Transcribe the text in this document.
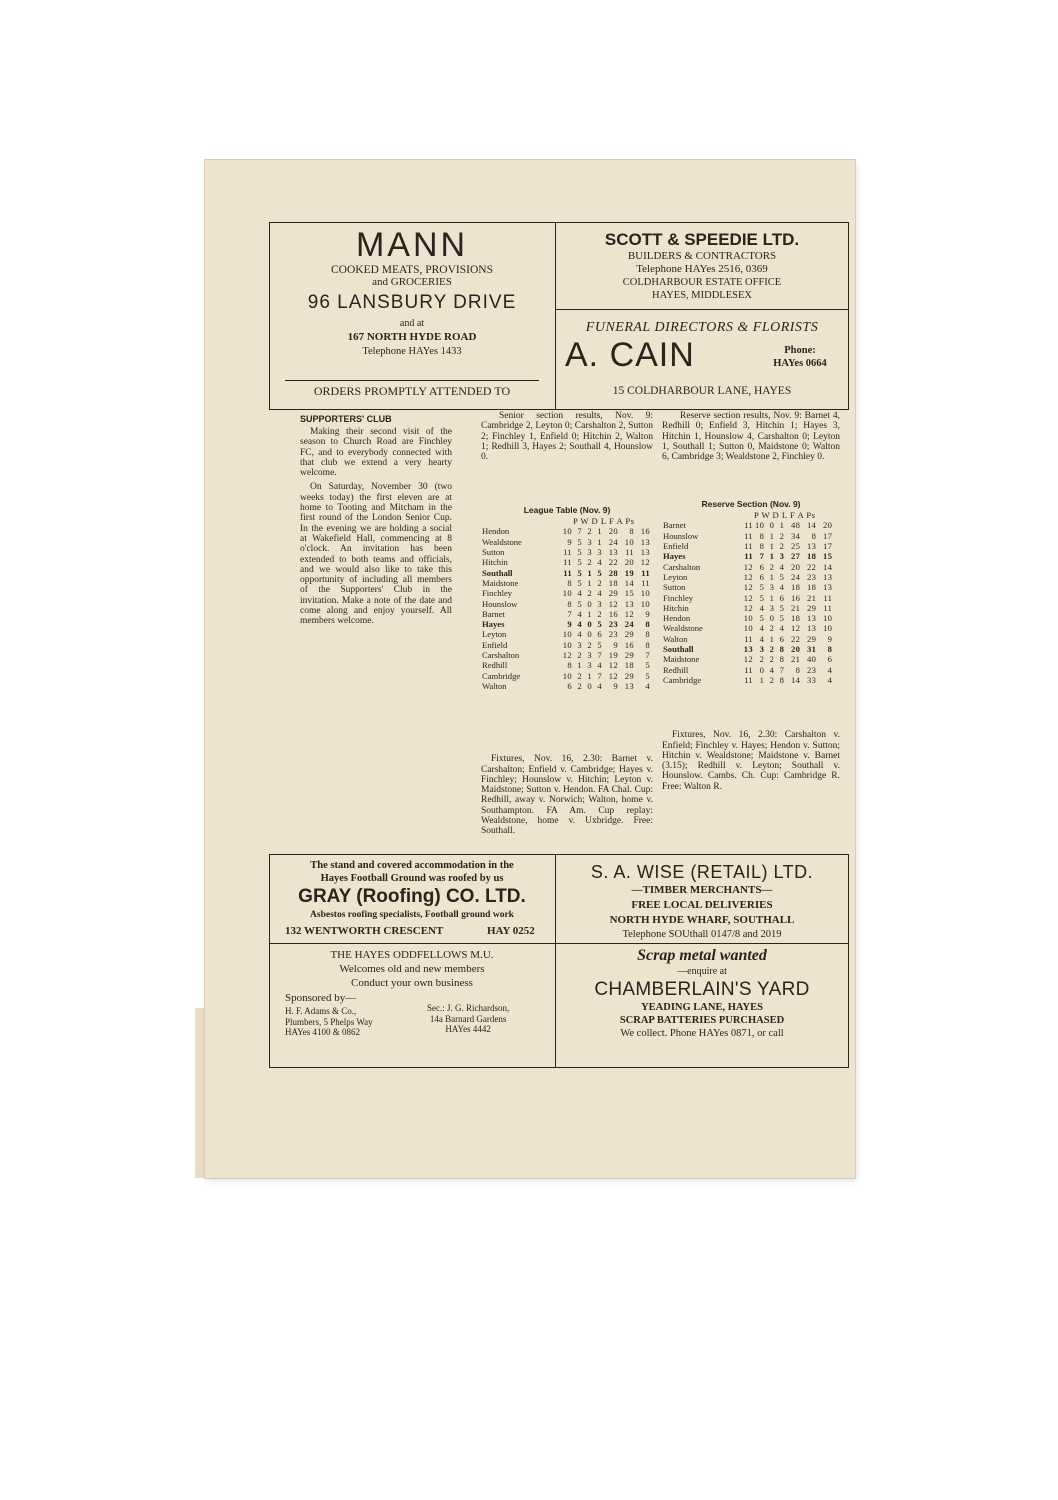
MANN
COOKED MEATS, PROVISIONS
and GROCERIES
96 LANSBURY DRIVE
and at
167 NORTH HYDE ROAD
Telephone HAYes 1433
ORDERS PROMPTLY ATTENDED TO
SCOTT & SPEEDIE LTD.
BUILDERS & CONTRACTORS
Telephone HAYes 2516, 0369
COLDHARBOUR ESTATE OFFICE
HAYES, MIDDLESEX
FUNERAL DIRECTORS & FLORISTS
A. CAIN	Phone:
HAYes 0664
15 COLDHARBOUR LANE, HAYES
SUPPORTERS' CLUB

Making their second visit of the season to Church Road are Finchley FC, and to everybody connected with that club we extend a very hearty welcome.

On Saturday, November 30 (two weeks today) the first eleven are at home to Tooting and Mitcham in the first round of the London Senior Cup. In the evening we are holding a social at Wakefield Hall, commencing at 8 o'clock. An invitation has been extended to both teams and officials, and we would also like to take this opportunity of including all members of the Supporters' Club in the invitation. Make a note of the date and come along and enjoy yourself. All members welcome.

Senior section results, Nov. 9: Cambridge 2, Leyton 0; Carshalton 2, Sutton 2; Finchley 1, Enfield 0; Hitchin 2, Walton 1; Redhill 3, Hayes 2; Southall 4, Hounslow 0.

League Table (Nov. 9)
P W D L F A Ps
Hendon	10	7	2	1	20	8	16
Wealdstone	9	5	3	1	24	10	13
Sutton	11	5	3	3	13	11	13
Hitchin	11	5	2	4	22	20	12
Southall	11	5	1	5	28	19	11
Maidstone	8	5	1	2	18	14	11
Finchley	10	4	2	4	29	15	10
Hounslow	8	5	0	3	12	13	10
Barnet	7	4	1	2	16	12	9
Hayes	9	4	0	5	23	24	8
Leyton	10	4	0	6	23	29	8
Enfield	10	3	2	5	9	16	8
Carshalton	12	2	3	7	19	29	7
Redhill	8	1	3	4	12	18	5
Cambridge	10	2	1	7	12	29	5
Walton	6	2	0	4	9	13	4

Fixtures, Nov. 16, 2.30: Barnet v. Carshalton; Enfield v. Cambridge; Hayes v. Finchley; Hounslow v. Hitchin; Leyton v. Maidstone; Sutton v. Hendon. FA Chal. Cup: Redhill, away v. Norwich; Walton, home v. Southampton. FA Am. Cup replay: Wealdstone, home v. Uxbridge. Free: Southall.

Reserve section results, Nov. 9: Barnet 4, Redhill 0; Enfield 3, Hitchin 1; Hayes 3, Hitchin 1, Hounslow 4, Carshalton 0; Leyton 1, Southall 1; Sutton 0, Maidstone 0; Walton 6, Cambridge 3; Wealdstone 2, Finchley 0.

Reserve Section (Nov. 9)
P W D L F A Ps
Barnet	11	10	0	1	48	14	20
Hounslow	11	8	1	2	34	8	17
Enfield	11	8	1	2	25	13	17
Hayes	11	7	1	3	27	18	15
Carshalton	12	6	2	4	20	22	14
Leyton	12	6	1	5	24	23	13
Sutton	12	5	3	4	18	18	13
Finchley	12	5	1	6	16	21	11
Hitchin	12	4	3	5	21	29	11
Hendon	10	5	0	5	18	13	10
Wealdstone	10	4	2	4	12	13	10
Walton	11	4	1	6	22	29	9
Southall	13	3	2	8	20	31	8
Maidstone	12	2	2	8	21	40	6
Redhill	11	0	4	7	8	23	4
Cambridge	11	1	2	8	14	33	4

Fixtures, Nov. 16, 2.30: Carshalton v. Enfield; Finchley v. Hayes; Hendon v. Sutton; Hitchin v. Wealdstone; Maidstone v. Barnet (3.15); Redhill v. Leyton; Southall v. Hounslow. Cambs. Ch. Cup: Cambridge R. Free: Walton R.

The stand and covered accommodation in the
Hayes Football Ground was roofed by us
GRAY (Roofing) CO. LTD.
Asbestos roofing specialists, Football ground work
132 WENTWORTH CRESCENT	HAY 0252
S. A. WISE (RETAIL) LTD.
—TIMBER MERCHANTS—
FREE LOCAL DELIVERIES
NORTH HYDE WHARF, SOUTHALL
Telephone SOUthall 0147/8 and 2019
THE HAYES ODDFELLOWS M.U.
Welcomes old and new members
Conduct your own business
Sponsored by—
H. F. Adams & Co.,
Plumbers, 5 Phelps Way
HAYes 4100 & 0862
Sec.: J. G. Richardson,
14a Barnard Gardens
HAYes 4442
Scrap metal wanted
—enquire at
CHAMBERLAIN'S YARD
YEADING LANE, HAYES
SCRAP BATTERIES PURCHASED
We collect. Phone HAYes 0871, or call
